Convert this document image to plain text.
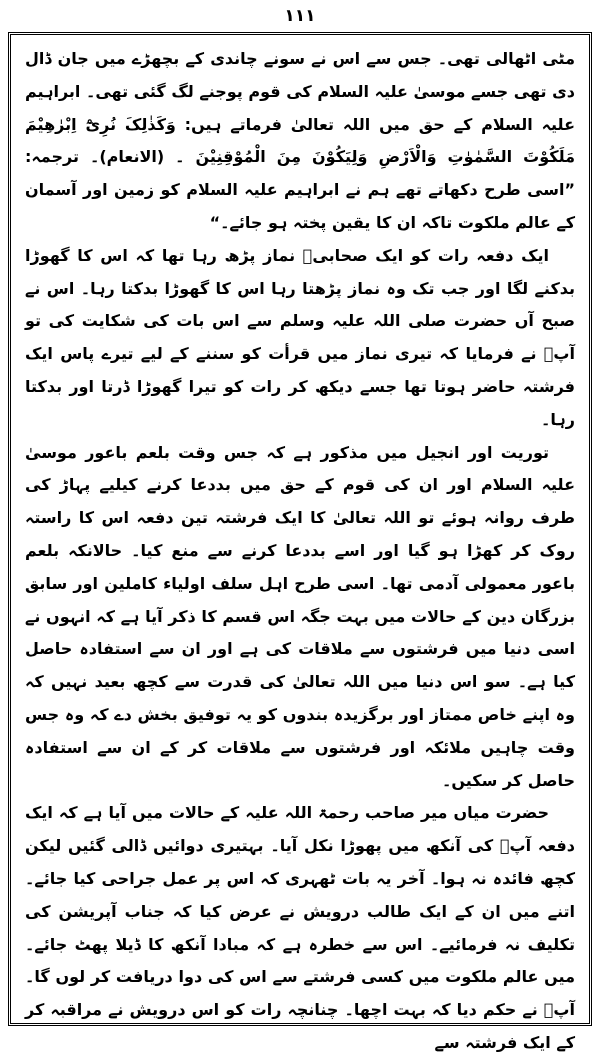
۱۱۱

مٹی اٹھالی تھی۔ جس سے اس نے سونے چاندی کے بچھڑے میں جان ڈال دی تھی جسے موسیٰ علیہ السلام کی قوم پوجنے لگ گئی تھی۔ ابراہیم علیہ السلام کے حق میں اللہ تعالیٰ فرماتے ہیں: وَکَذٰلِکَ نُرِیْٓ اِبْرٰھِیْمَ مَلَکُوْتَ السَّمٰوٰتِ وَالْاَرْضِ وَلِیَکُوْنَ مِنَ الْمُوْقِنِیْنَ ۔ (الانعام)۔ ترجمہ: ”اسی طرح دکھاتے تھے ہم نے ابراہیم علیہ السلام کو زمین اور آسمان کے عالم ملکوت تاکہ ان کا یقین پختہ ہو جائے۔“

ایک دفعہ رات کو ایک صحابیؓ نماز پڑھ رہا تھا کہ اس کا گھوڑا بدکنے لگا اور جب تک وہ نماز پڑھتا رہا اس کا گھوڑا بدکتا رہا۔ اس نے صبح آں حضرت صلی اللہ علیہ وسلم سے اس بات کی شکایت کی تو آپؐ نے فرمایا کہ تیری نماز میں قرأت کو سننے کے لیے تیرے پاس ایک فرشتہ حاضر ہوتا تھا جسے دیکھ کر رات کو تیرا گھوڑا ڈرتا اور بدکتا رہا۔

توریت اور انجیل میں مذکور ہے کہ جس وقت بلعم باعور موسیٰ علیہ السلام اور ان کی قوم کے حق میں بددعا کرنے کیلیے پہاڑ کی طرف روانہ ہوئے تو اللہ تعالیٰ کا ایک فرشتہ تین دفعہ اس کا راستہ روک کر کھڑا ہو گیا اور اسے بددعا کرنے سے منع کیا۔ حالانکہ بلعم باعور معمولی آدمی تھا۔ اسی طرح اہل سلف اولیاء کاملین اور سابق بزرگان دین کے حالات میں بہت جگہ اس قسم کا ذکر آیا ہے کہ انہوں نے اسی دنیا میں فرشتوں سے ملاقات کی ہے اور ان سے استفادہ حاصل کیا ہے۔ سو اس دنیا میں اللہ تعالیٰ کی قدرت سے کچھ بعید نہیں کہ وہ اپنے خاص ممتاز اور برگزیدہ بندوں کو یہ توفیق بخش دے کہ وہ جس وقت چاہیں ملائکہ اور فرشتوں سے ملاقات کر کے ان سے استفادہ حاصل کر سکیں۔

حضرت میاں میر صاحب رحمۃ اللہ علیہ کے حالات میں آیا ہے کہ ایک دفعہ آپؒ کی آنکھ میں پھوڑا نکل آیا۔ بہتیری دوائیں ڈالی گئیں لیکن کچھ فائدہ نہ ہوا۔ آخر یہ بات ٹھہری کہ اس پر عمل جراحی کیا جائے۔ اتنے میں ان کے ایک طالب درویش نے عرض کیا کہ جناب آپریشن کی تکلیف نہ فرمائیے۔ اس سے خطرہ ہے کہ مبادا آنکھ کا ڈیلا پھٹ جائے۔ میں عالم ملکوت میں کسی فرشتے سے اس کی دوا دریافت کر لوں گا۔ آپؒ نے حکم دیا کہ بہت اچھا۔ چنانچہ رات کو اس درویش نے مراقبہ کر کے ایک فرشتہ سے
